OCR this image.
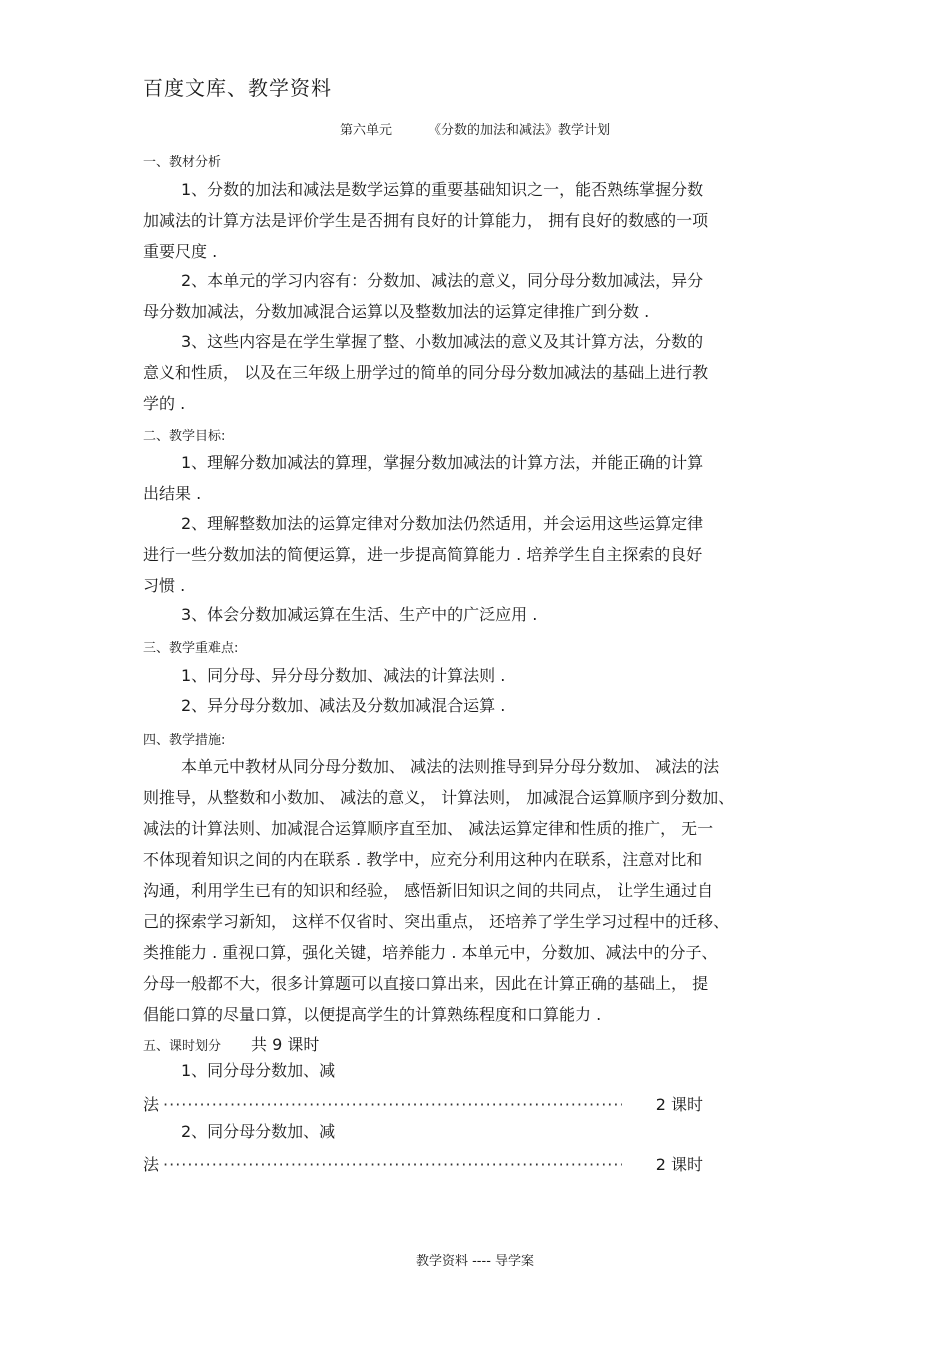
百度文库、教学资料
第六单元	《分数的加法和减法》教学计划
一、教材分析
1、分数的加法和减法是数学运算的重要基础知识之一，能否熟练掌握分数
加减法的计算方法是评价学生是否拥有良好的计算能力， 拥有良好的数感的一项
重要尺度 .
2、本单元的学习内容有：分数加、减法的意义，同分母分数加减法，异分
母分数加减法，分数加减混合运算以及整数加法的运算定律推广到分数 .
3、这些内容是在学生掌握了整、小数加减法的意义及其计算方法，分数的
意义和性质， 以及在三年级上册学过的简单的同分母分数加减法的基础上进行教
学的 .
二、教学目标:
1、理解分数加减法的算理，掌握分数加减法的计算方法，并能正确的计算
出结果 .
2、理解整数加法的运算定律对分数加法仍然适用，并会运用这些运算定律
进行一些分数加法的简便运算，进一步提高简算能力 . 培养学生自主探索的良好
习惯 .
3、体会分数加减运算在生活、生产中的广泛应用 .
三、教学重难点:
1、同分母、异分母分数加、减法的计算法则 .
2、异分母分数加、减法及分数加减混合运算 .
四、教学措施:
本单元中教材从同分母分数加、 减法的法则推导到异分母分数加、 减法的法
则推导，从整数和小数加、 减法的意义， 计算法则， 加减混合运算顺序到分数加、
减法的计算法则、加减混合运算顺序直至加、 减法运算定律和性质的推广， 无一
不体现着知识之间的内在联系 . 教学中，应充分利用这种内在联系，注意对比和
沟通，利用学生已有的知识和经验， 感悟新旧知识之间的共同点， 让学生通过自
己的探索学习新知， 这样不仅省时、突出重点， 还培养了学生学习过程中的迁移、
类推能力 . 重视口算，强化关键，培养能力 . 本单元中，分数加、减法中的分子、
分母一般都不大，很多计算题可以直接口算出来，因此在计算正确的基础上， 提
倡能口算的尽量口算，以便提高学生的计算熟练程度和口算能力 .
五、课时划分 共 9 课时
1、同分母分数加、减
法 ·····	2 课时
2、同分母分数加、减
法 ·····	2 课时
教学资料 ---- 导学案
